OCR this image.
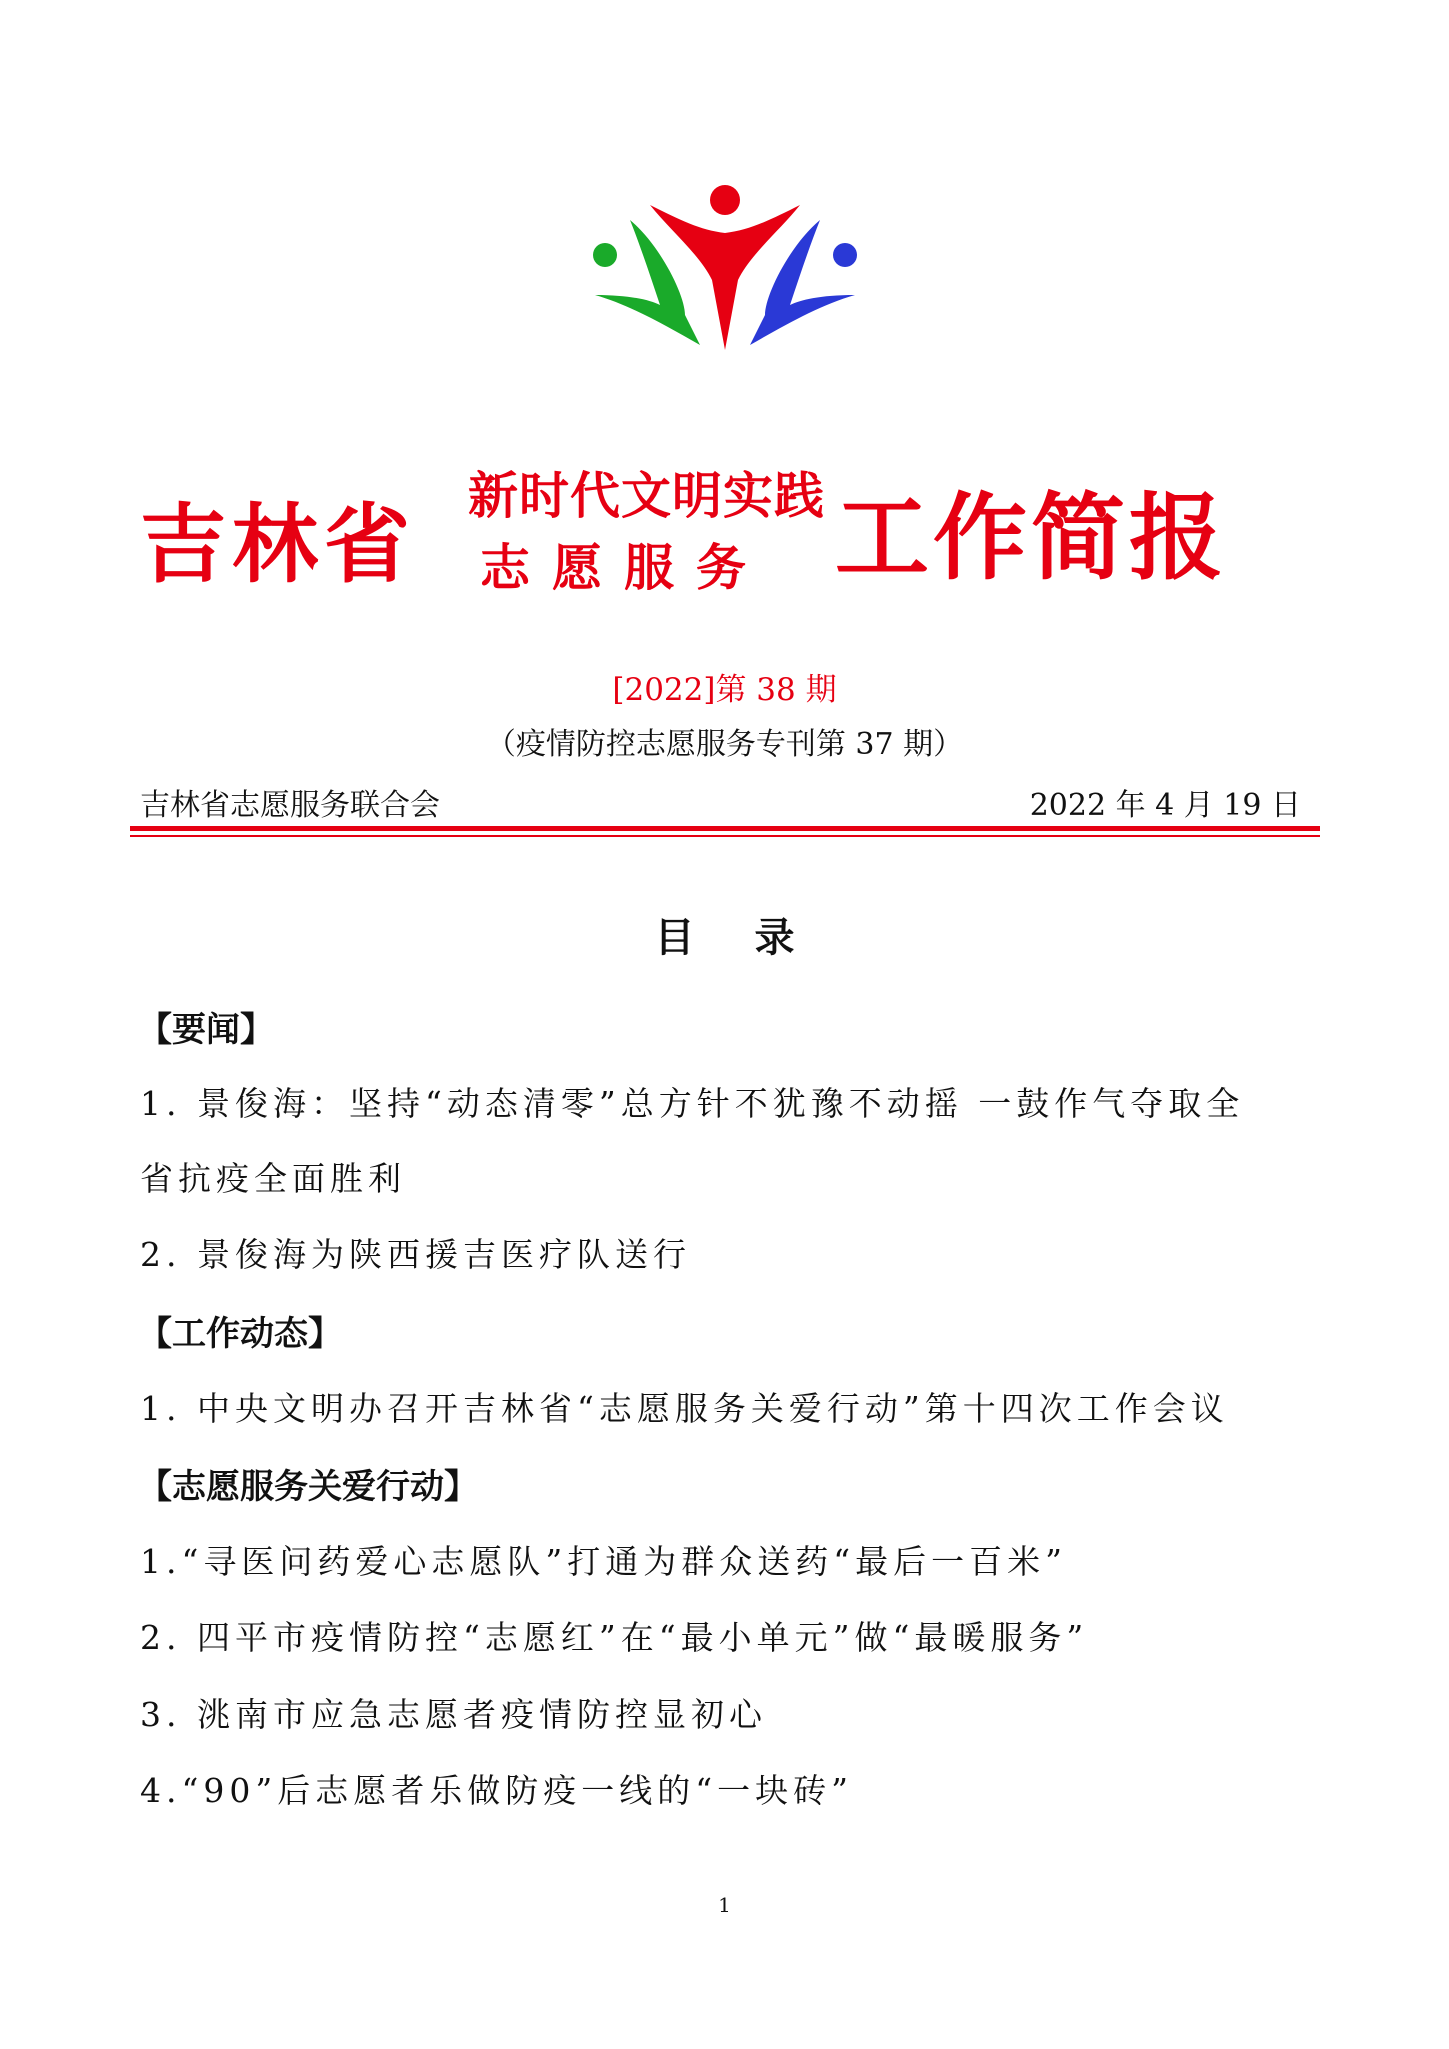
吉林省 新时代文明实践
志愿服务 工作简报
[2022]第 38 期
（疫情防控志愿服务专刊第 37 期）
吉林省志愿服务联合会	2022 年 4 月 19 日
目录
【要闻】
1. 景俊海：坚持“动态清零”总方针不犹豫不动摇 一鼓作气夺取全
省抗疫全面胜利
2. 景俊海为陕西援吉医疗队送行
【工作动态】
1. 中央文明办召开吉林省“志愿服务关爱行动”第十四次工作会议
【志愿服务关爱行动】
1.“寻医问药爱心志愿队”打通为群众送药“最后一百米”
2. 四平市疫情防控“志愿红”在“最小单元”做“最暖服务”
3. 洮南市应急志愿者疫情防控显初心
4.“90”后志愿者乐做防疫一线的“一块砖”
1
